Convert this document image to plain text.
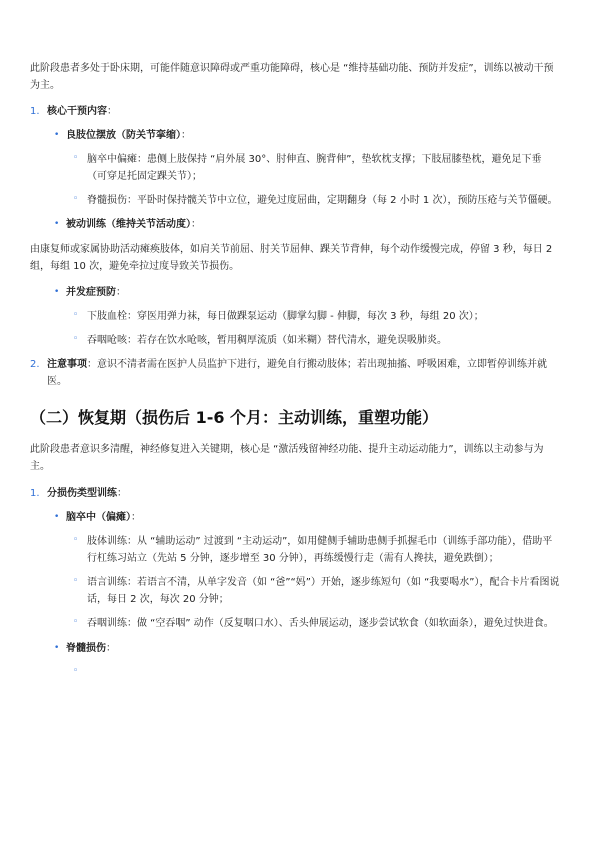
此阶段患者多处于卧床期，可能伴随意识障碍或严重功能障碍，核心是 “维持基础功能、预防并发症”，训练以被动干预为主。

1. 核心干预内容：
• 良肢位摆放（防关节挛缩）：
◦ 脑卒中偏瘫：患侧上肢保持 “肩外展 30°、肘伸直、腕背伸”，垫软枕支撑；下肢屈膝垫枕，避免足下垂（可穿足托固定踝关节）；
◦ 脊髓损伤：平卧时保持髋关节中立位，避免过度屈曲，定期翻身（每 2 小时 1 次），预防压疮与关节僵硬。
• 被动训练（维持关节活动度）：

由康复师或家属协助活动瘫痪肢体，如肩关节前屈、肘关节屈伸、踝关节背伸，每个动作缓慢完成，停留 3 秒，每日 2 组，每组 10 次，避免牵拉过度导致关节损伤。

• 并发症预防：
◦ 下肢血栓：穿医用弹力袜，每日做踝泵运动（脚掌勾脚 - 伸脚，每次 3 秒，每组 20 次）；
◦ 吞咽呛咳：若存在饮水呛咳，暂用稠厚流质（如米糊）替代清水，避免误吸肺炎。
2. 注意事项：意识不清者需在医护人员监护下进行，避免自行搬动肢体；若出现抽搐、呼吸困难，立即暂停训练并就医。
（二）恢复期（损伤后 1-6 个月：主动训练，重塑功能）

此阶段患者意识多清醒，神经修复进入关键期，核心是 “激活残留神经功能、提升主动运动能力”，训练以主动参与为主。

1. 分损伤类型训练：
• 脑卒中（偏瘫）：
◦ 肢体训练：从 “辅助运动” 过渡到 “主动运动”，如用健侧手辅助患侧手抓握毛巾（训练手部功能），借助平行杠练习站立（先站 5 分钟，逐步增至 30 分钟），再练缓慢行走（需有人搀扶，避免跌倒）；
◦ 语言训练：若语言不清，从单字发音（如 “爸”“妈”）开始，逐步练短句（如 “我要喝水”），配合卡片看图说话，每日 2 次，每次 20 分钟；
◦ 吞咽训练：做 “空吞咽” 动作（反复咽口水）、舌头伸展运动，逐步尝试软食（如软面条），避免过快进食。
• 脊髓损伤：
◦
